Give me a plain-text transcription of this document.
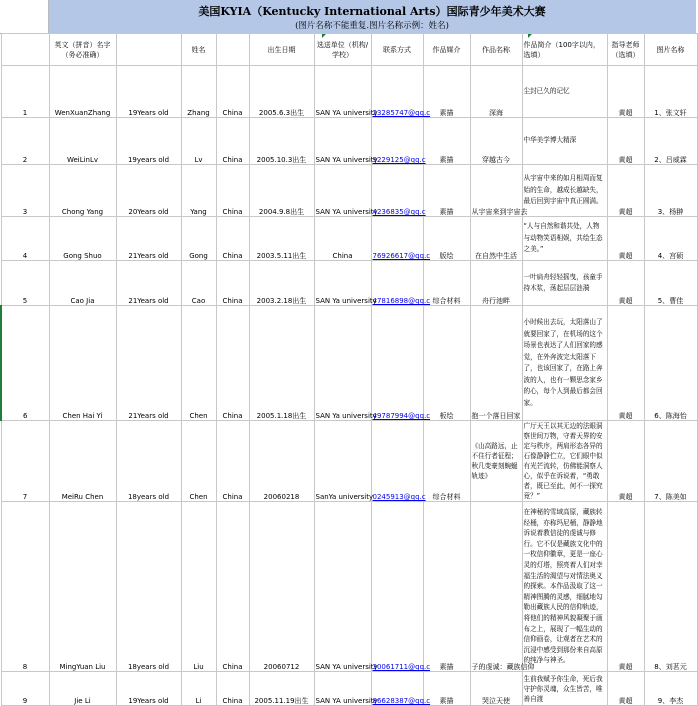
美国KYIA（Kentucky International Arts）国际青少年美术大赛
(图片名称不能重复.图片名称示例：姓名)
	英文（拼音）名字（务必准确）		姓名		出生日期	选送单位（机构/学校）	联系方式	作品媒介	作品名称	作品简介（100字以内，选填）	指导老师（选填）	图片名称
1	WenXuanZhang	19Years old	Zhang	China	2005.6.3出生	SAN YA university	23285747@qq.c	素描	深海	尘封已久的记忆	黄超	1、张文轩
2	WeiLinLv	19years old	Lv	China	2005.10.3出生	SAN YA university	9229125@qq.c	素描	穿越古今	中华美学博大精深	黄超	2、吕威霖
3	Chong Yang	20Years old	Yang	China	2004.9.8出生	SAN YA university	4236835@qq.c	素描	从宇宙来到宇宙去	从宇宙中来的如月相周而复始的生命，越成长越缺失，最后回到宇宙中真正圆满。	黄超	3、杨翀
4	Gong Shuo	21Years old	Gong	China	2003.5.11出生	China	76926617@qq.c	版绘	在自然中生活	“人与自然和谐共处，人物与动物笑语相娱，共绘生态之美。”	黄超	4、宫硕
5	Cao Jia	21Years old	Cao	China	2003.2.18出生	SAN Ya university	47816898@qq.c	综合材料	舟行池畔	一叶扁舟轻轻摇曳，孩童手持木浆，荡起层层涟漪	黄超	5、曹佳
6	Chen Hai Yi	21Years old	Chen	China	2005.1.18出生	SAN Ya university	49787994@qq.c	板绘	抱一个落日回家	小时候出去玩，太阳落山了就要回家了，在机场的这个场景也表达了人们回家的感觉，在外奔波完太阳落下了，也该回家了，在路上奔波的人，也有一颗思念家乡的心，每个人到最后都会回家。	黄超	6、陈海怡
7	MeiRu Chen	18years old	Chen	China	20060218	SanYa university	0245913@qq.c	综合材料	《山高路远，止不住行者征程；秋几变豪刻蜿蜒轨迹》	广厅天王以其无边的法眼洞察世间万物，守着天界的安定与秩序，两肩形态各异的石像静静伫立，它们眼中似有光芒流转，仿佛能洞察人心，似乎在诉说着，“勇敢者，既已至此，何不一探究竟？”	黄超	7、陈美如
8	MingYuan Liu	18years old	Liu	China	20060712	SAN YA university	30061711@qq.c	素描	子的虔诚：藏族信仰	在神秘的雪域高原，藏族转经桶，亦称玛尼桶，静静地诉说着教信徒的虔诚与修行。它不仅是藏族文化中的一枚信仰徽章，更是一座心灵的灯塔，照亮着人们对幸福生活的渴望与对情法奥义的探索。本作品汲取了这一精神图腾的灵感，细腻地勾勒出藏族人民的信仰轨迹，将他们的精神风貌凝聚于画布之上，展现了一幅生动的信仰画卷，让观者在艺术的沉浸中感受到那份来自高原的纯净与神圣。	黄超	8、刘茗元
9	Jie Li	19Years old	Li	China	2005.11.19出生	SAN YA university	86628387@qq.c	素描	哭泣天使	生前我赋予你生命，死后我守护你灵魂，众生皆苦，唯善自渡	黄超	9、李杰
